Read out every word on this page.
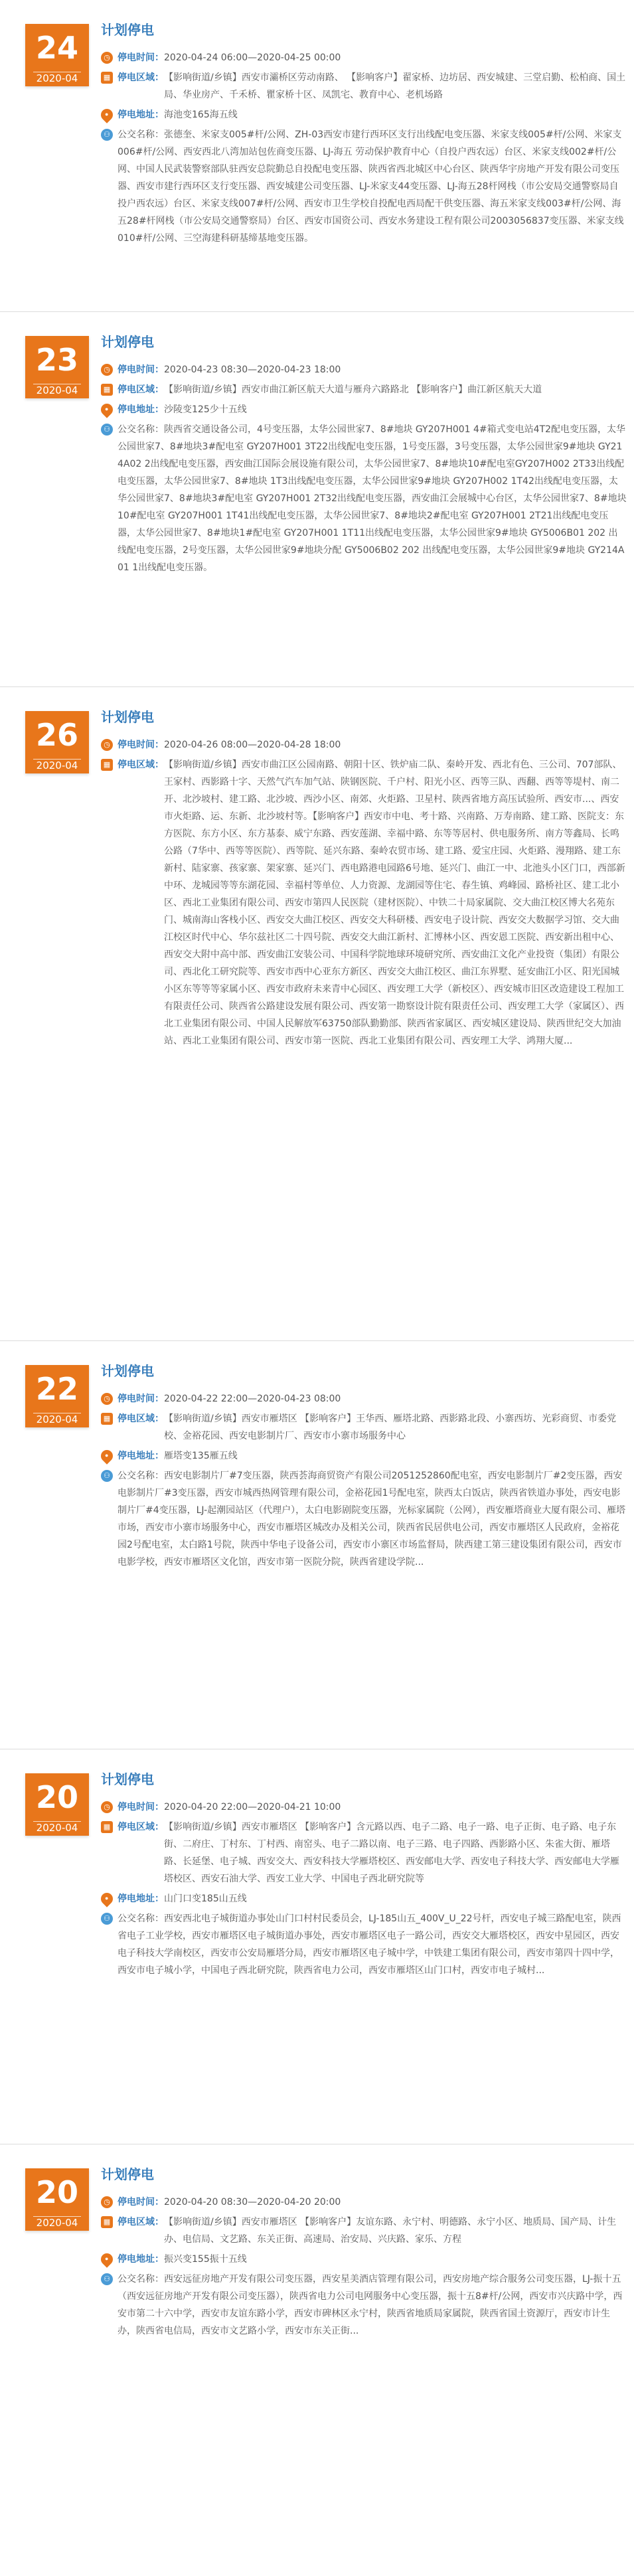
24
2020-04
计划停电
◷ 停电时间： 2020-04-24 06:00—2020-04-25 00:00
▦ 停电区域： 【影响街道/乡镇】西安市灞桥区劳动南路、 【影响客户】翟家桥、边坊居、西安城建、三堂启勤、松柏商、国土局、华业房产、千禾桥、瞿家桥十区、凤凯宅、教育中心、老机场路
• 停电地址： 海池变165海五线
⚇ 公交名称：张德奎、米家支005#杆/公网、ZH-03西安市建行西环区支行出线配电变压器、米家支线005#杆/公网、米家支006#杆/公网、西安西北八湾加站包佐商变压器、LJ-海五 劳动保护教育中心（自投户西农远）台区、米家支线002#杆/公网、中国人民武装警察部队驻西安总院勤总自投配电变压器、陕西省西北城区中心台区、陕西华宇房地产开发有限公司变压器、西安市建行西环区支行变压器、西安城建公司变压器、LJ-米家支44变压器、LJ-海五28杆网栈（市公安局交通警察局自投户西农远）台区、米家支线007#杆/公网、西安市卫生学校自投配电西局配干供变压器、海五米家支线003#杆/公网、海五28#杆网栈（市公安局交通警察局）台区、西安市国资公司、西安水务建设工程有限公司2003056837变压器、米家支线010#杆/公网、三空海建科研基缔基地变压器。
23
2020-04
计划停电
◷ 停电时间： 2020-04-23 08:30—2020-04-23 18:00
▦ 停电区域： 【影响街道/乡镇】西安市曲江新区航天大道与雁舟六路路北 【影响客户】曲江新区航天大道
• 停电地址： 沙陵变125少十五线
⚇ 公交名称：陕西省交通设备公司，4号变压器，太华公园世家7、8#地块 GY207H001 4#箱式变电站4T2配电变压器，太华公园世家7、8#地块3#配电室 GY207H001 3T22出线配电变压器，1号变压器，3号变压器，太华公园世家9#地块 GY214A02 2出线配电变压器，西安曲江国际会展设施有限公司，太华公园世家7、8#地块10#配电室GY207H002 2T33出线配电变压器，太华公园世家7、8#地块 1T3出线配电变压器，太华公园世家9#地块 GY207H002 1T42出线配电变压器，太华公园世家7、8#地块3#配电室 GY207H001 2T32出线配电变压器，西安曲江会展城中心台区，太华公园世家7、8#地块10#配电室 GY207H001 1T41出线配电变压器，太华公园世家7、8#地块2#配电室 GY207H001 2T21出线配电变压器，太华公园世家7、8#地块1#配电室 GY207H001 1T11出线配电变压器，太华公园世家9#地块 GY5006B01 202 出线配电变压器，2号变压器，太华公园世家9#地块分配 GY5006B02 202 出线配电变压器，太华公园世家9#地块 GY214A01 1出线配电变压器。
26
2020-04
计划停电
◷ 停电时间： 2020-04-26 08:00—2020-04-28 18:00
▦ 停电区域： 【影响街道/乡镇】西安市曲江区公园南路、朝阳十区、铁炉庙二队、秦岭开发、西北有色、三公司、707部队、王家村、西影路十字、天然气汽车加气站、陕钢医院、千户村、阳光小区、西等三队、西翻、西等等堤村、南二开、北沙坡村、建工路、北沙坡、西沙小区、南郊、火炬路、卫星村、陕西省地方高压试验所、西安市...、西安市火炬路、运、东新、北沙坡村等。【影响客户】西安市中电、考十路、兴南路、万寿南路、建工路、医院支：东方医院、东方小区、东方基泰、威宁东路、西安莲湖、幸福中路、东等等居村、供电服务所、南方等鑫局、长鸣公路（7华中、西等等医院）、西等院、延兴东路、秦岭农贸市场、建工路、爱宝庄园、火炬路、漫翔路、建工东新村、陆家寨、孩家寨、架家寨、延兴门、西电路港电园路6号地、延兴门、曲江一中、北池头小区门口，西部新中环、龙城园等等东湖花园、幸福村等单位、人力资源、龙湖园等住宅、春生镇、鸡峰园、路桥社区、建工北小区、西北工业集团有限公司、西安市第四人民医院（建材医院）、中铁二十局家属院、交大曲江校区博大名苑东门、城南海山客栈小区、西安交大曲江校区、西安交大科研楼、西安电子设计院、西安交大数据学习馆、交大曲江校区时代中心、华尔兹社区二十四号院、西安交大曲江新村、汇博林小区、西安恩工医院、西安新出租中心、西安交大附中高中部、西安曲江安装公司、中国科学院地球环境研究所、西安曲江文化产业投资（集团）有限公司、西北化工研究院等、西安市西中心亚东方新区、西安交大曲江校区、曲江东界墅、延安曲江小区、阳光国城小区东等等等家属小区、西安市政府未来青中心园区、西安理工大学（新校区）、西安城市旧区改造建设工程加工有限责任公司、陕西省公路建设发展有限公司、西安第一勘察设计院有限责任公司、西安理工大学（家属区）、西北工业集团有限公司、中国人民解放军63750部队勤勤部、陕西省家属区、西安城区建设局、陕西世纪交大加油站、西北工业集团有限公司、西安市第一医院、西北工业集团有限公司、西安理工大学、鸿翔大厦...
22
2020-04
计划停电
◷ 停电时间： 2020-04-22 22:00—2020-04-23 08:00
▦ 停电区域： 【影响街道/乡镇】西安市雁塔区 【影响客户】王华西、雁塔北路、西影路北段、小寨西坊、光彩商贸、市委党校、金裕花园、西安电影制片厂、西安市小寨市场服务中心
• 停电地址： 雁塔变135雁五线
⚇ 公交名称：西安电影制片厂#7变压器，陕西荟海商贸资产有限公司2051252860配电室，西安电影制片厂#2变压器，西安电影制片厂#3变压器，西安市城西热网管理有限公司，金裕花园1号配电室，陕西太白饭店，陕西省铁道办事处，西安电影制片厂#4变压器，LJ-起潮园站区（代理户），太白电影剧院变压器，光标家属院（公网），西安雁塔商业大厦有限公司、雁塔市场，西安市小寨市场服务中心，西安市雁塔区城改办及相关公司，陕西省民居供电公司，西安市雁塔区人民政府，金裕花园2号配电室，太白路1号院，陕西中华电子设备公司，西安市小寨区市场监督局，陕西建工第三建设集团有限公司，西安市电影学校，西安市雁塔区文化馆，西安市第一医院分院，陕西省建设学院...
20
2020-04
计划停电
◷ 停电时间： 2020-04-20 22:00—2020-04-21 10:00
▦ 停电区域： 【影响街道/乡镇】西安市雁塔区 【影响客户】含元路以西、电子二路、电子一路、电子正街、电子路、电子东街、二府庄、丁村东、丁村西、南窑头、电子二路以南、电子三路、电子四路、西影路小区、朱雀大街、雁塔路、长延堡、电子城、西安交大、西安科技大学雁塔校区、西安邮电大学、西安电子科技大学、西安邮电大学雁塔校区、西安石油大学、西安工业大学、中国电子西北研究院等
• 停电地址： 山门口变185山五线
⚇ 公交名称：西安西北电子城街道办事处山门口村村民委员会，LJ-185山五_400V_U_22号杆，西安电子城三路配电室，陕西省电子工业学校，西安市雁塔区电子城街道办事处，西安市雁塔区电子一路公司，西安交大雁塔校区，西安中星园区，西安电子科技大学南校区，西安市公安局雁塔分局，西安市雁塔区电子城中学，中铁建工集团有限公司，西安市第四十四中学，西安市电子城小学，中国电子西北研究院，陕西省电力公司，西安市雁塔区山门口村，西安市电子城村...
20
2020-04
计划停电
◷ 停电时间： 2020-04-20 08:30—2020-04-20 20:00
▦ 停电区域： 【影响街道/乡镇】西安市雁塔区 【影响客户】友谊东路、永宁村、明德路、永宁小区、地质局、国产局、计生办、电信局、文艺路、东关正街、高速局、治安局、兴庆路、家乐、方程
• 停电地址： 振兴变155振十五线
⚇ 公交名称：西安远征房地产开发有限公司变压器，西安星美酒店管理有限公司，西安房地产综合服务公司变压器，LJ-振十五（西安远征房地产开发有限公司变压器），陕西省电力公司电网服务中心变压器，振十五8#杆/公网，西安市兴庆路中学，西安市第二十六中学，西安市友谊东路小学，西安市碑林区永宁村，陕西省地质局家属院，陕西省国土资源厅，西安市计生办，陕西省电信局，西安市文艺路小学，西安市东关正街...
